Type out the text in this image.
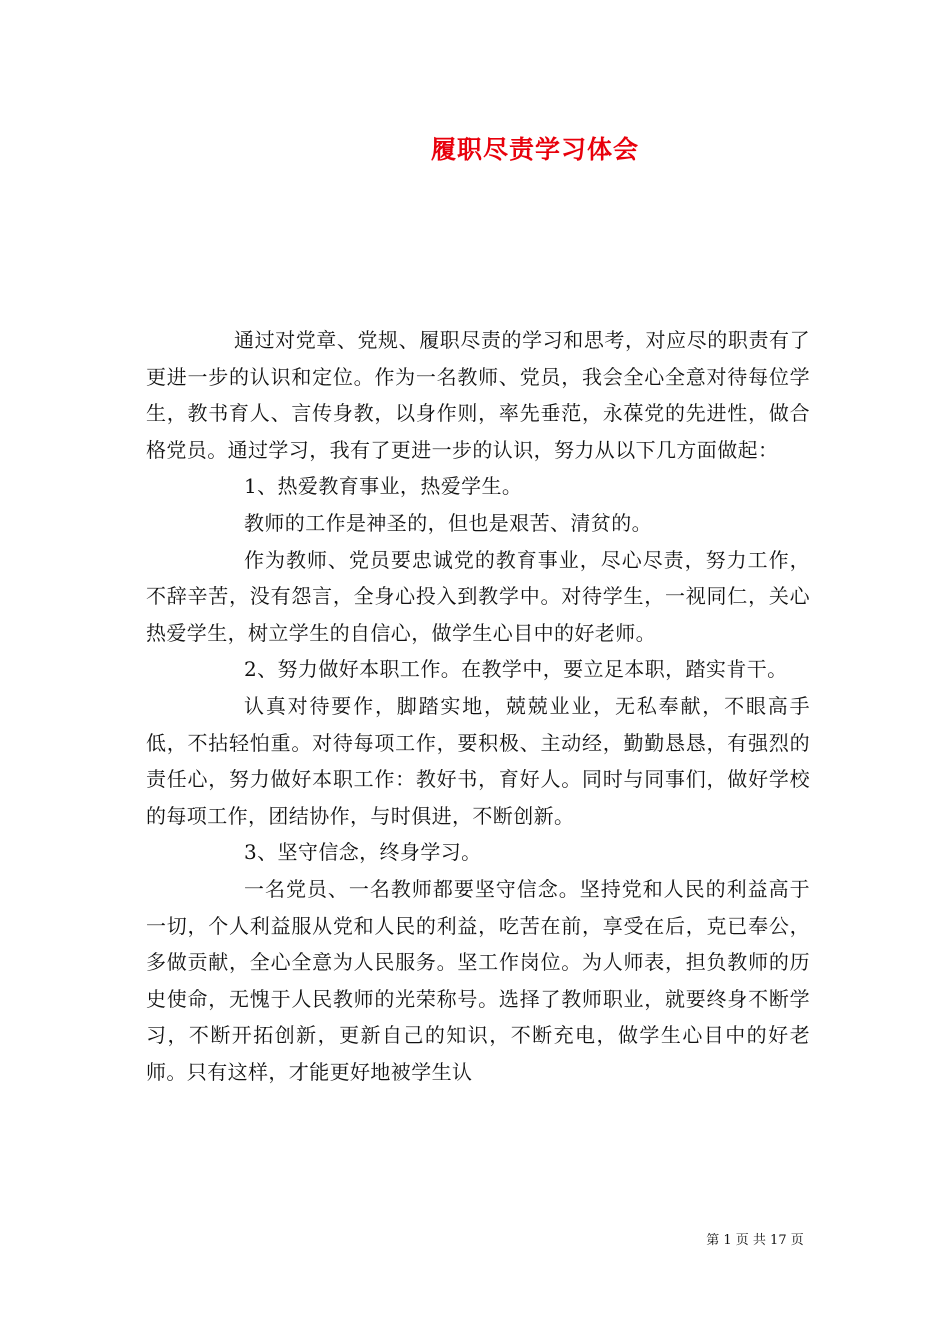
履职尽责学习体会

通过对党章、党规、履职尽责的学习和思考，对应尽的职责有了更进一步的认识和定位。作为一名教师、党员，我会全心全意对待每位学生，教书育人、言传身教，以身作则，率先垂范，永葆党的先进性，做合格党员。通过学习，我有了更进一步的认识，努力从以下几方面做起：

1、热爱教育事业，热爱学生。

教师的工作是神圣的，但也是艰苦、清贫的。

作为教师、党员要忠诚党的教育事业，尽心尽责，努力工作，不辞辛苦，没有怨言，全身心投入到教学中。对待学生，一视同仁，关心热爱学生，树立学生的自信心，做学生心目中的好老师。

2、努力做好本职工作。在教学中，要立足本职，踏实肯干。

认真对待要作，脚踏实地，兢兢业业，无私奉献，不眼高手低，不拈轻怕重。对待每项工作，要积极、主动经，勤勤恳恳，有强烈的责任心，努力做好本职工作：教好书，育好人。同时与同事们，做好学校的每项工作，团结协作，与时俱进，不断创新。

3、坚守信念，终身学习。

一名党员、一名教师都要坚守信念。坚持党和人民的利益高于一切，个人利益服从党和人民的利益，吃苦在前，享受在后，克已奉公，多做贡献，全心全意为人民服务。坚工作岗位。为人师表，担负教师的历史使命，无愧于人民教师的光荣称号。选择了教师职业，就要终身不断学习，不断开拓创新，更新自己的知识，不断充电，做学生心目中的好老师。只有这样，才能更好地被学生认

第 1 页 共 17 页
